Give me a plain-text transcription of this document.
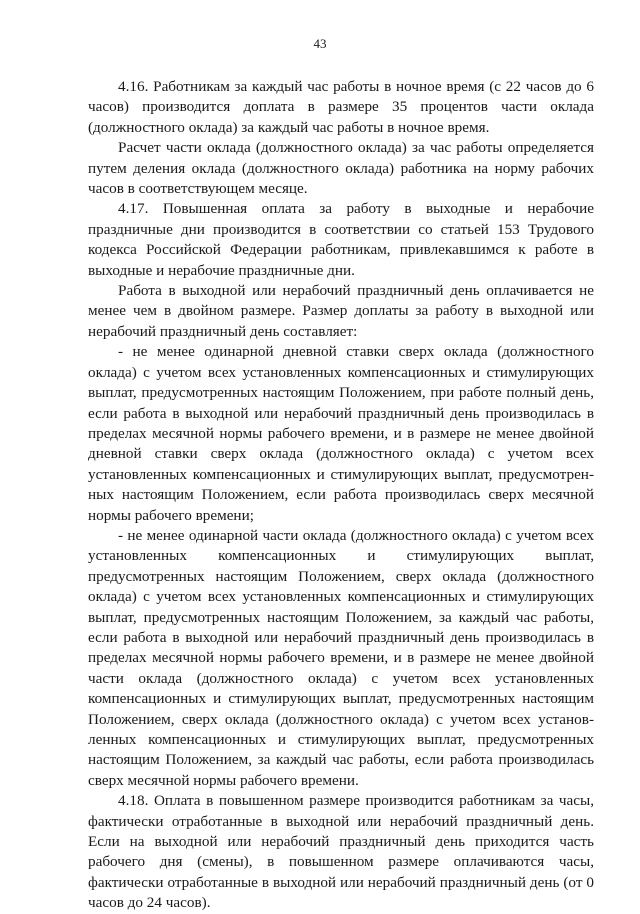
43

4.16. Работникам за каждый час работы в ночное время (с 22 часов до 6 часов) производится доплата в размере 35 процентов части оклада (должностного оклада) за каждый час работы в ночное время.

Расчет части оклада (должностного оклада) за час работы определяется путем деления оклада (должностного оклада) работника на норму рабочих часов в соответствующем месяце.

4.17. Повышенная оплата за работу в выходные и нерабочие праздничные дни производится в соответствии со статьей 153 Трудового кодекса Российской Федерации работникам, привлекавшимся к работе в выходные и нерабочие праздничные дни.

Работа в выходной или нерабочий праздничный день оплачивается не менее чем в двойном размере. Размер доплаты за работу в выходной или нерабочий праздничный день составляет:

- не менее одинарной дневной ставки сверх оклада (должностного оклада) с учетом всех установленных компенсационных и стимулирующих выплат, предусмотренных настоящим Положением, при работе полный день, если работа в выходной или нерабочий праздничный день производилась в пределах месячной нормы рабочего времени, и в размере не менее двойной дневной ставки сверх оклада (должностного оклада) с учетом всех установленных компенсационных и стимулирующих выплат, предусмотренных настоящим Положением, если работа производилась сверх месячной нормы рабочего времени;

- не менее одинарной части оклада (должностного оклада) с учетом всех установленных компенсационных и стимулирующих выплат, предусмотренных настоящим Положением, сверх оклада (должностного оклада) с учетом всех установленных компенсационных и стимулирующих выплат, предусмотренных настоящим Положением, за каждый час работы, если работа в выходной или нерабочий праздничный день производилась в пределах месячной нормы рабочего времени, и в размере не менее двойной части оклада (должностного оклада) с учетом всех установленных компенсационных и стимулирующих выплат, предусмотренных настоящим Положением, сверх оклада (должностного оклада) с учетом всех установленных компенсационных и стимулирующих выплат, предусмотренных настоящим Положением, за каждый час работы, если работа производилась сверх месячной нормы рабочего времени.

4.18. Оплата в повышенном размере производится работникам за часы, фактически отработанные в выходной или нерабочий праздничный день. Если на выходной или нерабочий праздничный день приходится часть рабочего дня (смены), в повышенном размере оплачиваются часы, фактически отработанные в выходной или нерабочий праздничный день (от 0 часов до 24 часов).
